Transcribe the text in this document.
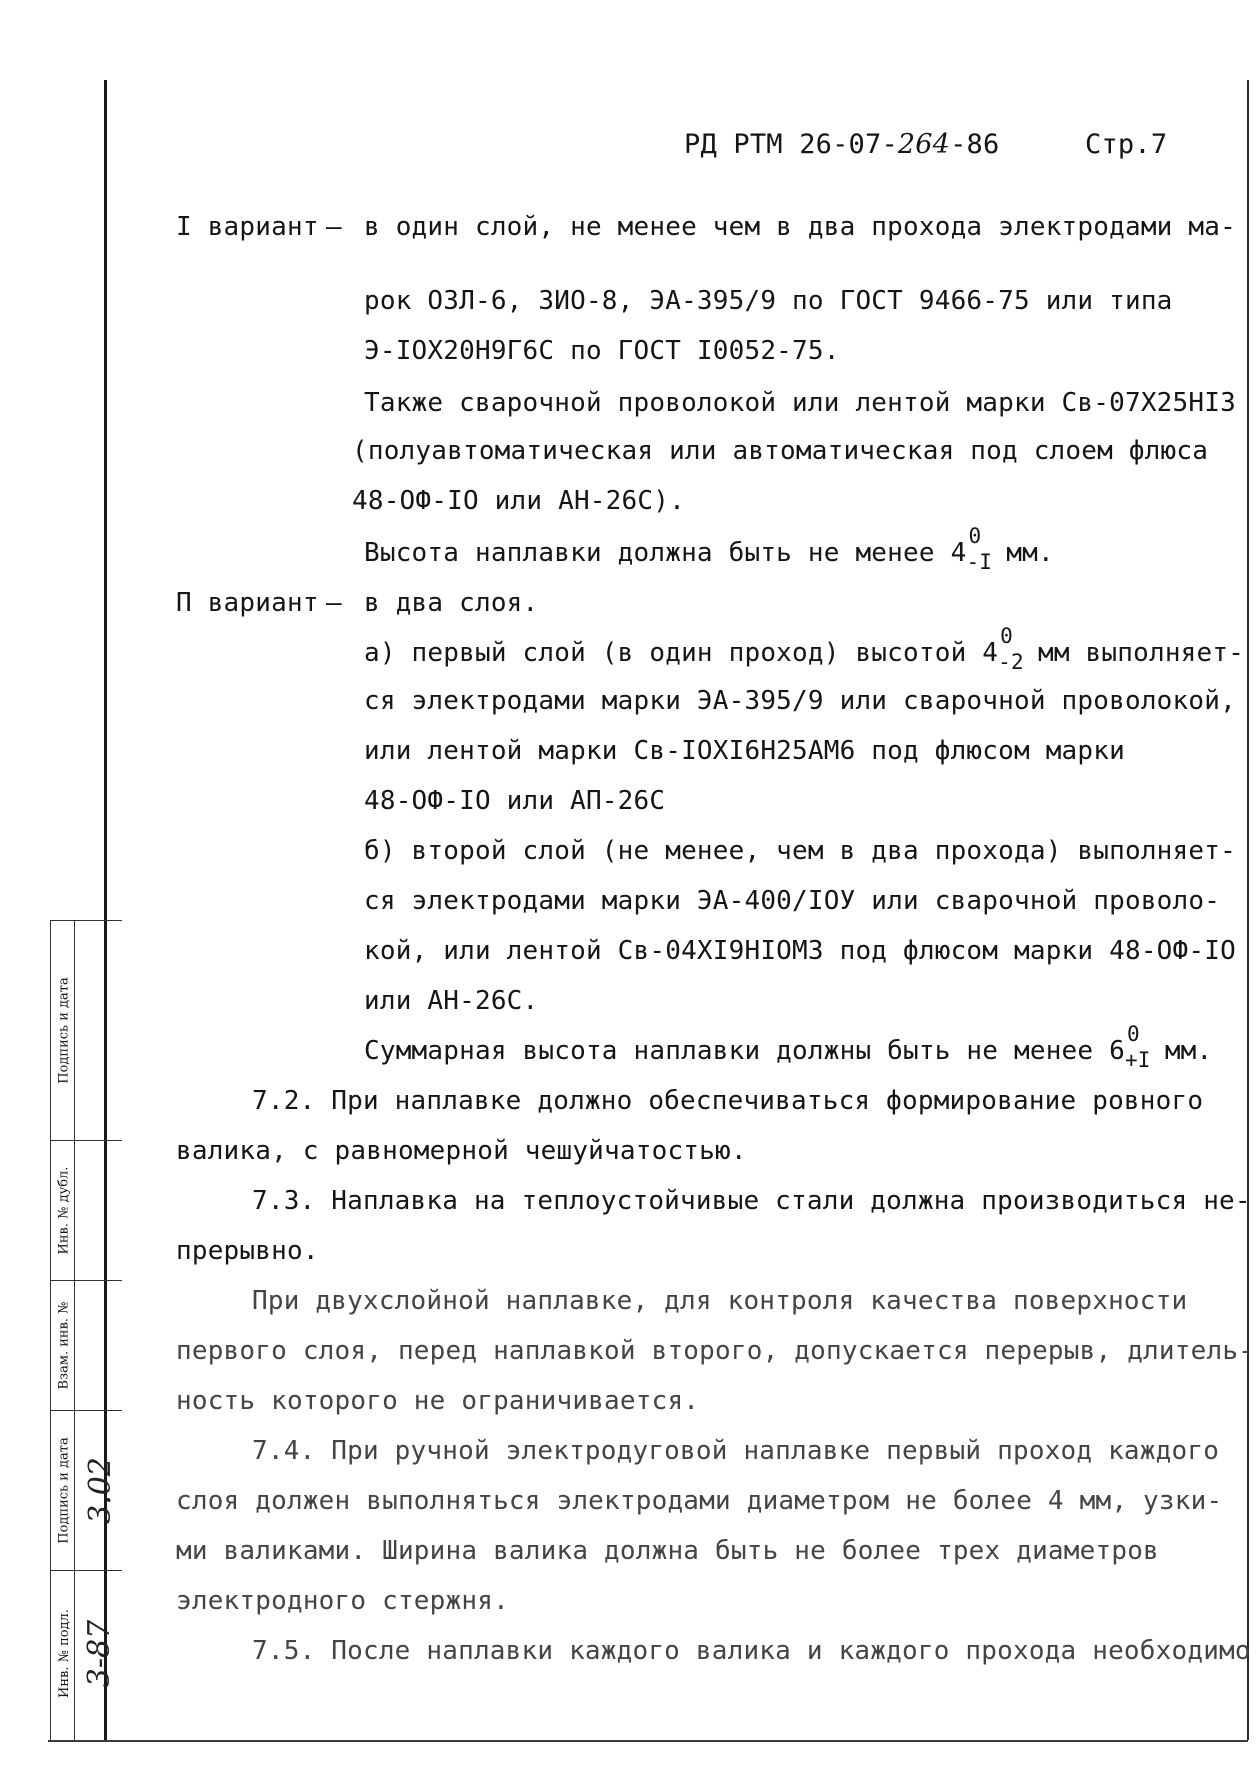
РД РТМ 26-07-264-86	Стр.7
I вариант – в один слой, не менее чем в два прохода электродами ма-
рок ОЗЛ-6, ЗИО-8, ЭА-395/9 по ГОСТ 9466-75 или типа
Э-IOX20H9Г6С по ГОСТ I0052-75.
Также сварочной проволокой или лентой марки Св-07Х25НI3
(полуавтоматическая или автоматическая под слоем флюса
48-ОФ-IO или АН-26С).
Высота наплавки должна быть не менее 4
0
-I мм.
П вариант – в два слоя.
а) первый слой (в один проход) высотой 4
0
-2 мм выполняет-
ся электродами марки ЭА-395/9 или сварочной проволокой,
или лентой марки Св-IOXI6H25AM6 под флюсом марки
48-ОФ-IO или АП-26С
б) второй слой (не менее, чем в два прохода) выполняет-
ся электродами марки ЭА-400/IOУ или сварочной проволо-
кой, или лентой Св-04XI9HIOM3 под флюсом марки 48-ОФ-IO
или АН-26С.
Суммарная высота наплавки должны быть не менее 6
0
+I мм.
7.2. При наплавке должно обеспечиваться формирование ровного
валика, с равномерной чешуйчатостью.
7.3. Наплавка на теплоустойчивые стали должна производиться не-
прерывно.
При двухслойной наплавке, для контроля качества поверхности
первого слоя, перед наплавкой второго, допускается перерыв, длитель-
ность которого не ограничивается.
7.4. При ручной электродуговой наплавке первый проход каждого
слоя должен выполняться электродами диаметром не более 4 мм, узки-
ми валиками. Ширина валика должна быть не более трех диаметров
электродного стержня.
7.5. После наплавки каждого валика и каждого прохода необходимо
Подпись и дата
Инв. № дубл.
Взам. инв. №
Подпись и дата
Инв. № подл.
3.02
3-87
